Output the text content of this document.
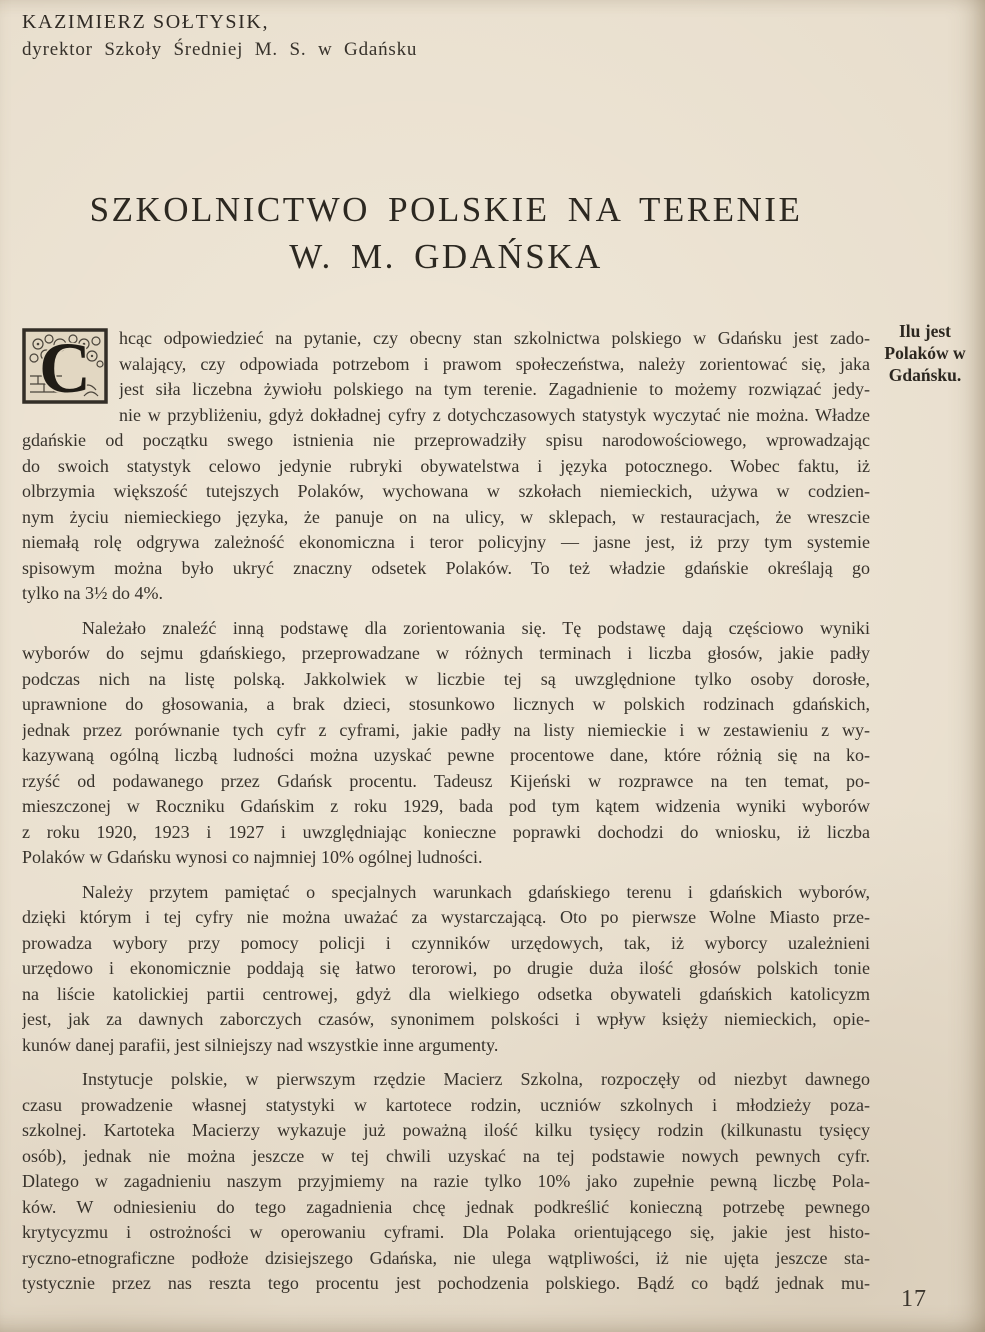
KAZIMIERZ SOŁTYSIK,
dyrektor Szkoły Średniej M. S. w Gdańsku
SZKOLNICTWO POLSKIE NA TERENIE
W. M. GDAŃSKA
Ilu jest
Polaków w
Gdańsku.
C hcąc odpowiedzieć na pytanie, czy obecny stan szkolnictwa polskiego w Gdańsku jest zado-
walający, czy odpowiada potrzebom i prawom społeczeństwa, należy zorientować się, jaka
jest siła liczebna żywiołu polskiego na tym terenie. Zagadnienie to możemy rozwiązać jedy-
nie w przybliżeniu, gdyż dokładnej cyfry z dotychczasowych statystyk wyczytać nie można. Władze
gdańskie od początku swego istnienia nie przeprowadziły spisu narodowościowego, wprowadzając
do swoich statystyk celowo jedynie rubryki obywatelstwa i języka potocznego. Wobec faktu, iż
olbrzymia większość tutejszych Polaków, wychowana w szkołach niemieckich, używa w codzien-
nym życiu niemieckiego języka, że panuje on na ulicy, w sklepach, w restauracjach, że wreszcie
niemałą rolę odgrywa zależność ekonomiczna i teror policyjny — jasne jest, iż przy tym systemie
spisowym można było ukryć znaczny odsetek Polaków. To też władzie gdańskie określają go
tylko na 3½ do 4%.
Należało znaleźć inną podstawę dla zorientowania się. Tę podstawę dają częściowo wyniki
wyborów do sejmu gdańskiego, przeprowadzane w różnych terminach i liczba głosów, jakie padły
podczas nich na listę polską. Jakkolwiek w liczbie tej są uwzględnione tylko osoby dorosłe,
uprawnione do głosowania, a brak dzieci, stosunkowo licznych w polskich rodzinach gdańskich,
jednak przez porównanie tych cyfr z cyframi, jakie padły na listy niemieckie i w zestawieniu z wy-
kazywaną ogólną liczbą ludności można uzyskać pewne procentowe dane, które różnią się na ko-
rzyść od podawanego przez Gdańsk procentu. Tadeusz Kijeński w rozprawce na ten temat, po-
mieszczonej w Roczniku Gdańskim z roku 1929, bada pod tym kątem widzenia wyniki wyborów
z roku 1920, 1923 i 1927 i uwzględniając konieczne poprawki dochodzi do wniosku, iż liczba
Polaków w Gdańsku wynosi co najmniej 10% ogólnej ludności.
Należy przytem pamiętać o specjalnych warunkach gdańskiego terenu i gdańskich wyborów,
dzięki którym i tej cyfry nie można uważać za wystarczającą. Oto po pierwsze Wolne Miasto prze-
prowadza wybory przy pomocy policji i czynników urzędowych, tak, iż wyborcy uzależnieni
urzędowo i ekonomicznie poddają się łatwo terorowi, po drugie duża ilość głosów polskich tonie
na liście katolickiej partii centrowej, gdyż dla wielkiego odsetka obywateli gdańskich katolicyzm
jest, jak za dawnych zaborczych czasów, synonimem polskości i wpływ księży niemieckich, opie-
kunów danej parafii, jest silniejszy nad wszystkie inne argumenty.
Instytucje polskie, w pierwszym rzędzie Macierz Szkolna, rozpoczęły od niezbyt dawnego
czasu prowadzenie własnej statystyki w kartotece rodzin, uczniów szkolnych i młodzieży poza-
szkolnej. Kartoteka Macierzy wykazuje już poważną ilość kilku tysięcy rodzin (kilkunastu tysięcy
osób), jednak nie można jeszcze w tej chwili uzyskać na tej podstawie nowych pewnych cyfr.
Dlatego w zagadnieniu naszym przyjmiemy na razie tylko 10% jako zupełnie pewną liczbę Pola-
ków. W odniesieniu do tego zagadnienia chcę jednak podkreślić konieczną potrzebę pewnego
krytycyzmu i ostrożności w operowaniu cyframi. Dla Polaka orientującego się, jakie jest histo-
ryczno-etnograficzne podłoże dzisiejszego Gdańska, nie ulega wątpliwości, iż nie ujęta jeszcze sta-
tystycznie przez nas reszta tego procentu jest pochodzenia polskiego. Bądź co bądź jednak mu-
17
